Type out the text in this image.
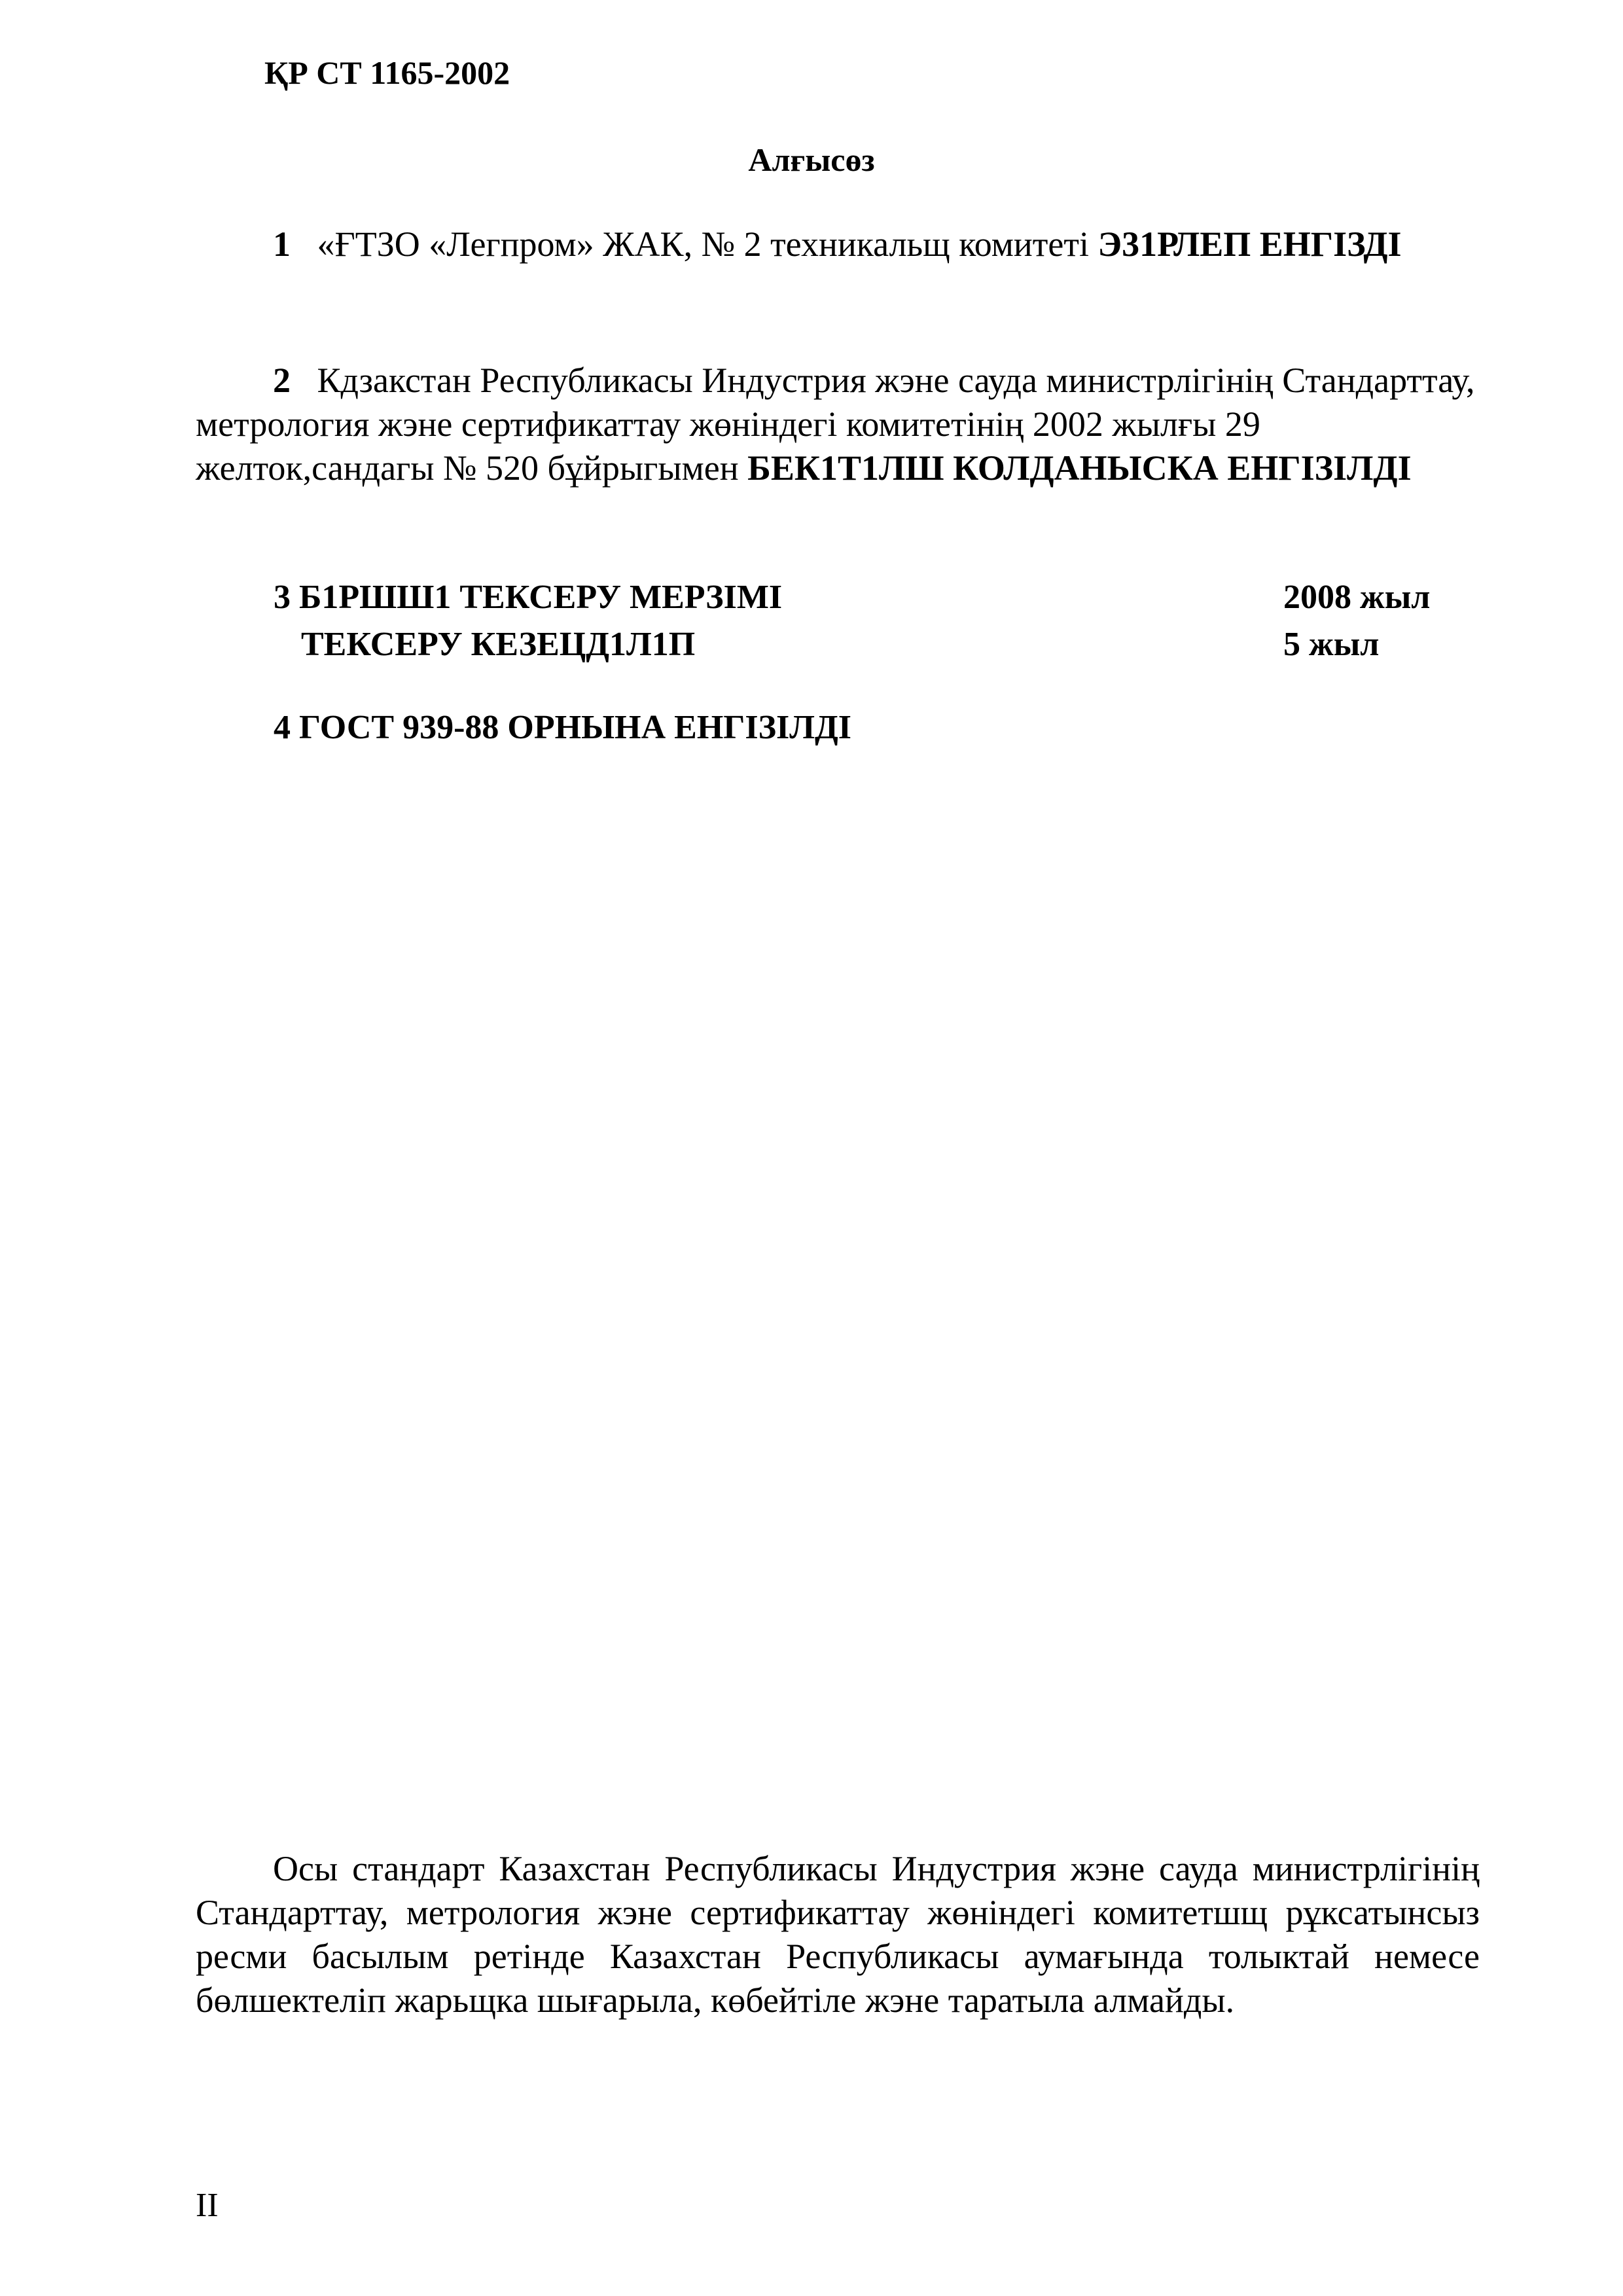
ҚР СТ 1165-2002
Алғысөз
1 «ҒТЗО «Легпром» ЖАК, № 2 техникальщ комитеті Э31РЛЕП ЕНГІЗДІ
2 Кдзакстан Республикасы Индустрия жэне сауда министрлігінің Стандарттау, метрология жэне сертификаттау жөніндегі комитетінің 2002 жылғы 29 желток,сандагы № 520 бұйрыгымен БЕК1Т1ЛШ КОЛДАНЫСКА ЕНГІЗІЛДІ
3 Б1РШШ1 ТЕКСЕРУ МЕРЗІМІ	2008 жыл
ТЕКСЕРУ КЕЗЕЦД1Л1П	5 жыл
4 ГОСТ 939-88 ОРНЫНА ЕНГІЗІЛДІ
Осы стандарт Казахстан Республикасы Индустрия жэне сауда министрлігінің Стандарттау, метрология жэне сертификаттау жөніндегі комитетшщ рұксатынсыз ресми басылым ретінде Казахстан Республикасы аумағында толыктай немесе бөлшектеліп жарьщка шығарыла, көбейтіле жэне таратыла алмайды.
II
